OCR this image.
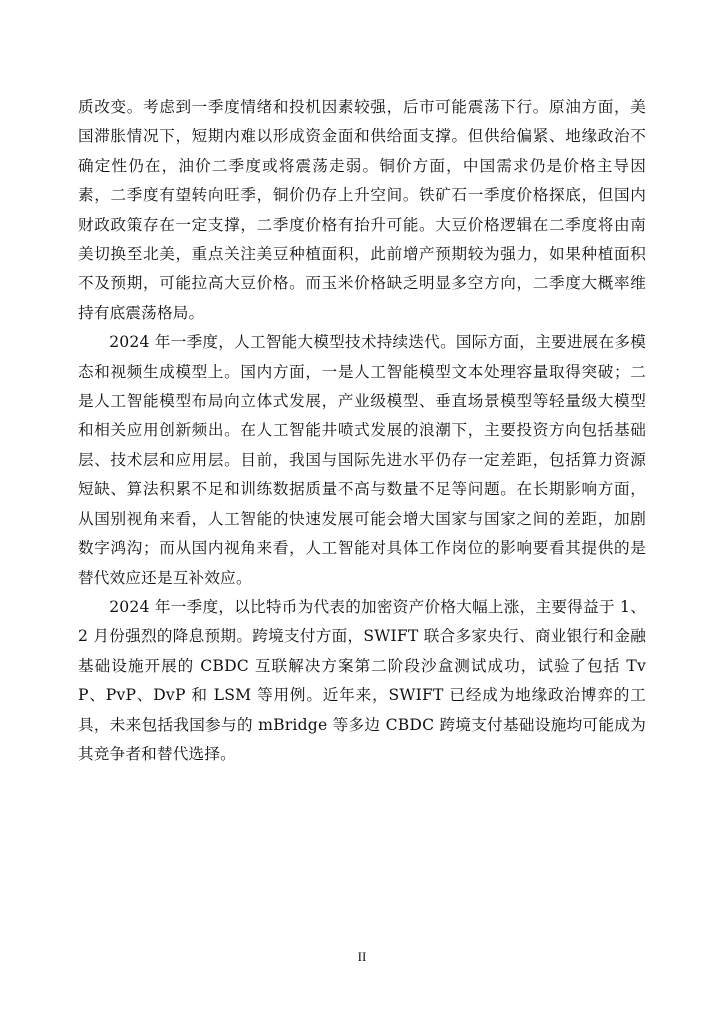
质改变。考虑到一季度情绪和投机因素较强，后市可能震荡下行。原油方面，美国滞胀情况下，短期内难以形成资金面和供给面支撑。但供给偏紧、地缘政治不确定性仍在，油价二季度或将震荡走弱。铜价方面，中国需求仍是价格主导因素，二季度有望转向旺季，铜价仍存上升空间。铁矿石一季度价格探底，但国内财政政策存在一定支撑，二季度价格有抬升可能。大豆价格逻辑在二季度将由南美切换至北美，重点关注美豆种植面积，此前增产预期较为强力，如果种植面积不及预期，可能拉高大豆价格。而玉米价格缺乏明显多空方向，二季度大概率维持有底震荡格局。

2024 年一季度，人工智能大模型技术持续迭代。国际方面，主要进展在多模态和视频生成模型上。国内方面，一是人工智能模型文本处理容量取得突破；二是人工智能模型布局向立体式发展，产业级模型、垂直场景模型等轻量级大模型和相关应用创新频出。在人工智能井喷式发展的浪潮下，主要投资方向包括基础层、技术层和应用层。目前，我国与国际先进水平仍存一定差距，包括算力资源短缺、算法积累不足和训练数据质量不高与数量不足等问题。在长期影响方面，从国别视角来看，人工智能的快速发展可能会增大国家与国家之间的差距，加剧数字鸿沟；而从国内视角来看，人工智能对具体工作岗位的影响要看其提供的是替代效应还是互补效应。

2024 年一季度，以比特币为代表的加密资产价格大幅上涨，主要得益于 1、2 月份强烈的降息预期。跨境支付方面，SWIFT 联合多家央行、商业银行和金融基础设施开展的 CBDC 互联解决方案第二阶段沙盒测试成功，试验了包括 TvP、PvP、DvP 和 LSM 等用例。近年来，SWIFT 已经成为地缘政治博弈的工具，未来包括我国参与的 mBridge 等多边 CBDC 跨境支付基础设施均可能成为其竞争者和替代选择。

II
